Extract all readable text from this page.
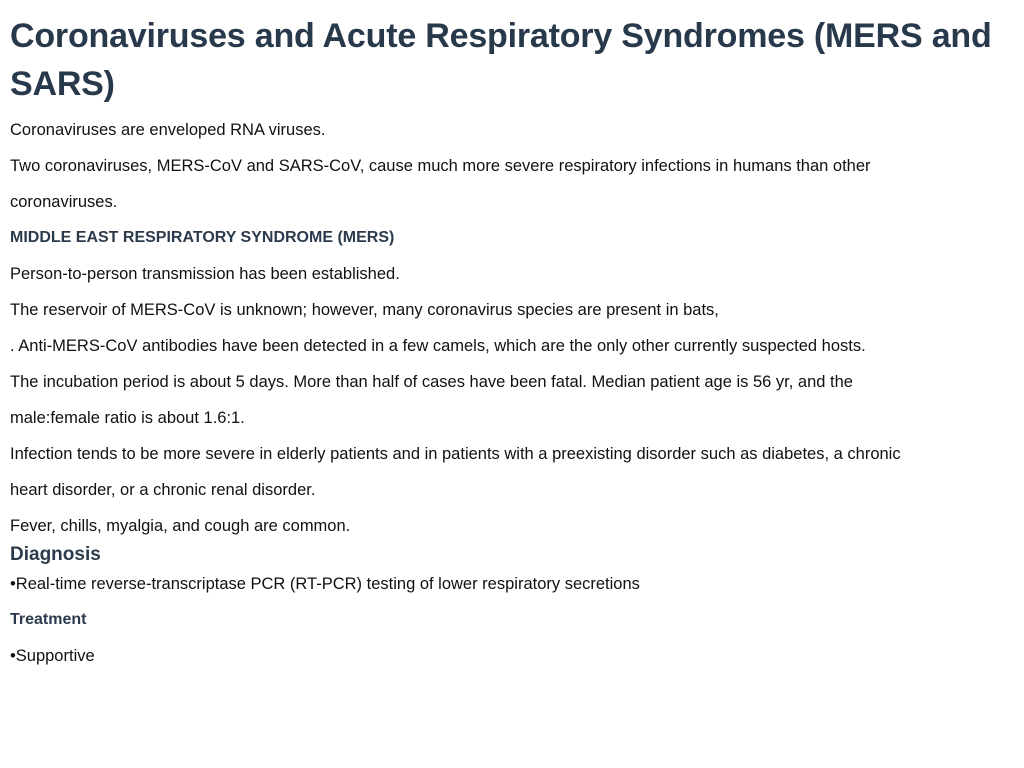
Coronaviruses and Acute Respiratory Syndromes (MERS and SARS)

Coronaviruses are enveloped RNA viruses.

Two coronaviruses, MERS-CoV and SARS-CoV, cause much more severe respiratory infections in humans than other

coronaviruses.

MIDDLE EAST RESPIRATORY SYNDROME (MERS)

Person-to-person transmission has been established.

The reservoir of MERS-CoV is unknown; however, many coronavirus species are present in bats,

. Anti-MERS-CoV antibodies have been detected in a few camels, which are the only other currently suspected hosts.

The incubation period is about 5 days. More than half of cases have been fatal. Median patient age is 56 yr, and the

male:female ratio is about 1.6:1.

Infection tends to be more severe in elderly patients and in patients with a preexisting disorder such as diabetes, a chronic

heart disorder, or a chronic renal disorder.

Fever, chills, myalgia, and cough are common.

Diagnosis

•Real-time reverse-transcriptase PCR (RT-PCR) testing of lower respiratory secretions

Treatment

•Supportive
